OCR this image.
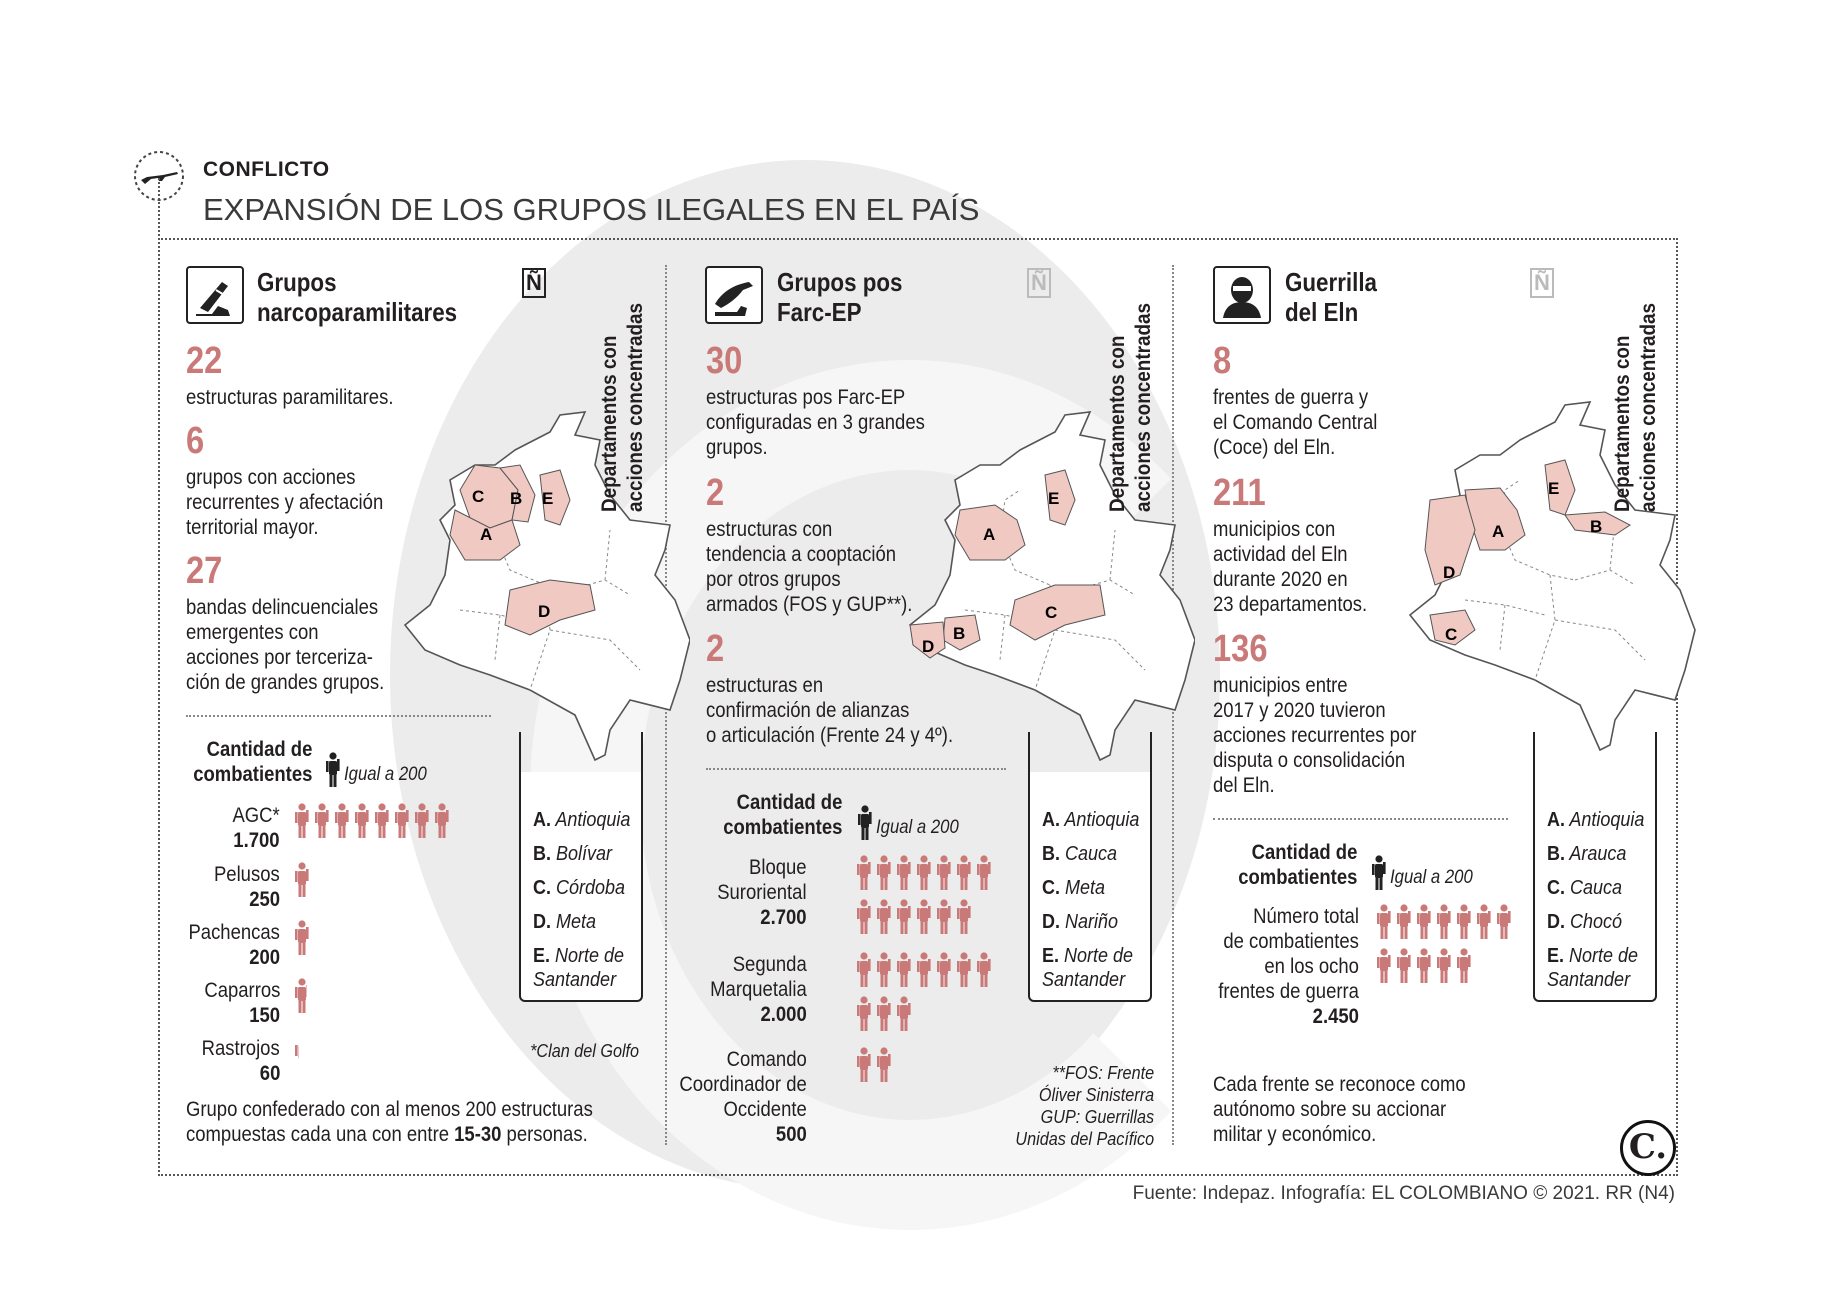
CONFLICTO
EXPANSIÓN DE LOS GRUPOS ILEGALES EN EL PAÍS
Grupos
narcoparamilitares
Ñ
22
estructuras paramilitares.
6
grupos con acciones
recurrentes y afectación
territorial mayor.
27
bandas delincuenciales
emergentes con
acciones por terceriza-
ción de grandes grupos.
C B E
A
D
Departamentos con acciones concentradas
Cantidad de
combatientes Igual a 200
AGC*
1.700
Pelusos
250
Pachencas
200
Caparros
150
Rastrojos
60
A. Antioquia
B. Bolívar
C. Córdoba
D. Meta
E. Norte de
Santander
*Clan del Golfo
Grupo confederado con al menos 200 estructuras
compuestas cada una con entre 15-30 personas.
Grupos pos
Farc-EP
Ñ
30
estructuras pos Farc-EP
configuradas en 3 grandes
grupos.
2
estructuras con
tendencia a cooptación
por otros grupos
armados (FOS y GUP**).
2
estructuras en
confirmación de alianzas
o articulación (Frente 24 y 4º).
E
A
C
B
D
Departamentos con acciones concentradas
Cantidad de
combatientes Igual a 200
Bloque
Suroriental
2.700
Segunda
Marquetalia
2.000
Comando
Coordinador de
Occidente
500
A. Antioquia
B. Cauca
C. Meta
D. Nariño
E. Norte de
Santander
**FOS: Frente
Óliver Sinisterra
GUP: Guerrillas
Unidas del Pacífico
Guerrilla
del Eln
Ñ
8
frentes de guerra y
el Comando Central
(Coce) del Eln.
211
municipios con
actividad del Eln
durante 2020 en
23 departamentos.
136
municipios entre
2017 y 2020 tuvieron
acciones recurrentes por
disputa o consolidación
del Eln.
E
A	B
D
C
Departamentos con acciones concentradas
Cantidad de
combatientes Igual a 200
Número total
de combatientes
en los ocho
frentes de guerra
2.450
A. Antioquia
B. Arauca
C. Cauca
D. Chocó
E. Norte de
Santander
Cada frente se reconoce como
autónomo sobre su accionar
militar y económico.	C.
Fuente: Indepaz. Infografía: EL COLOMBIANO © 2021. RR (N4)
